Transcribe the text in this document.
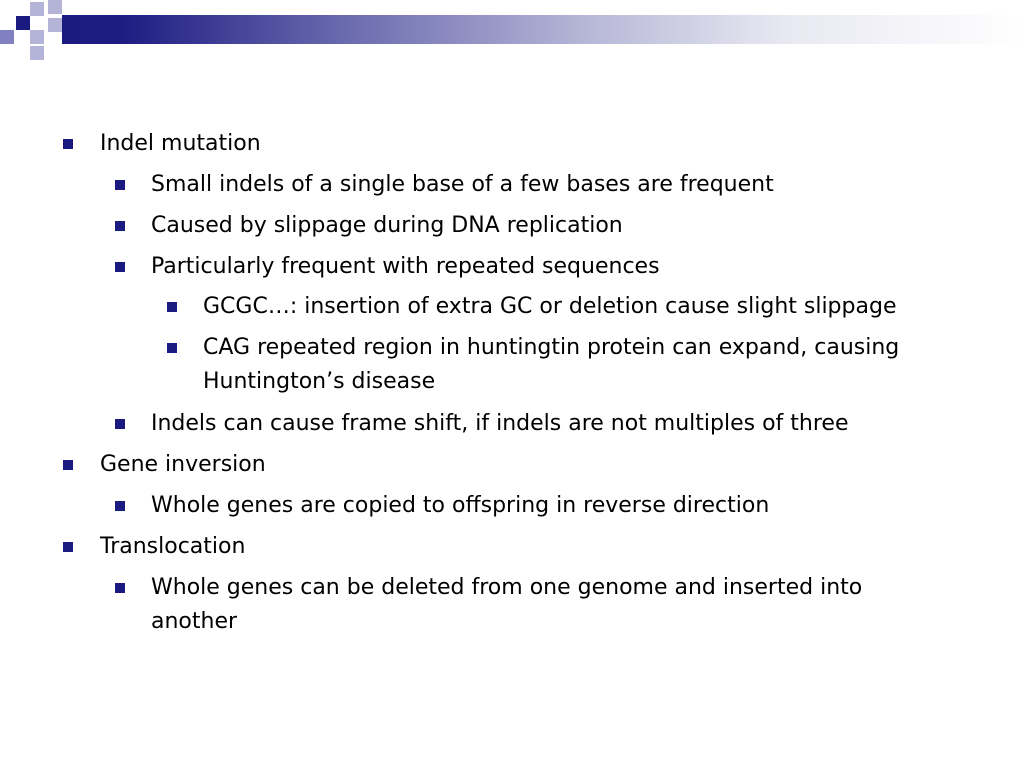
Indel mutation
Small indels of a single base of a few bases are frequent
Caused by slippage during DNA replication
Particularly frequent with repeated sequences
GCGC…: insertion of extra GC or deletion cause slight slippage
CAG repeated region in huntingtin protein can expand, causing
Huntington’s disease
Indels can cause frame shift, if indels are not multiples of three
Gene inversion
Whole genes are copied to offspring in reverse direction
Translocation
Whole genes can be deleted from one genome and inserted into
another
